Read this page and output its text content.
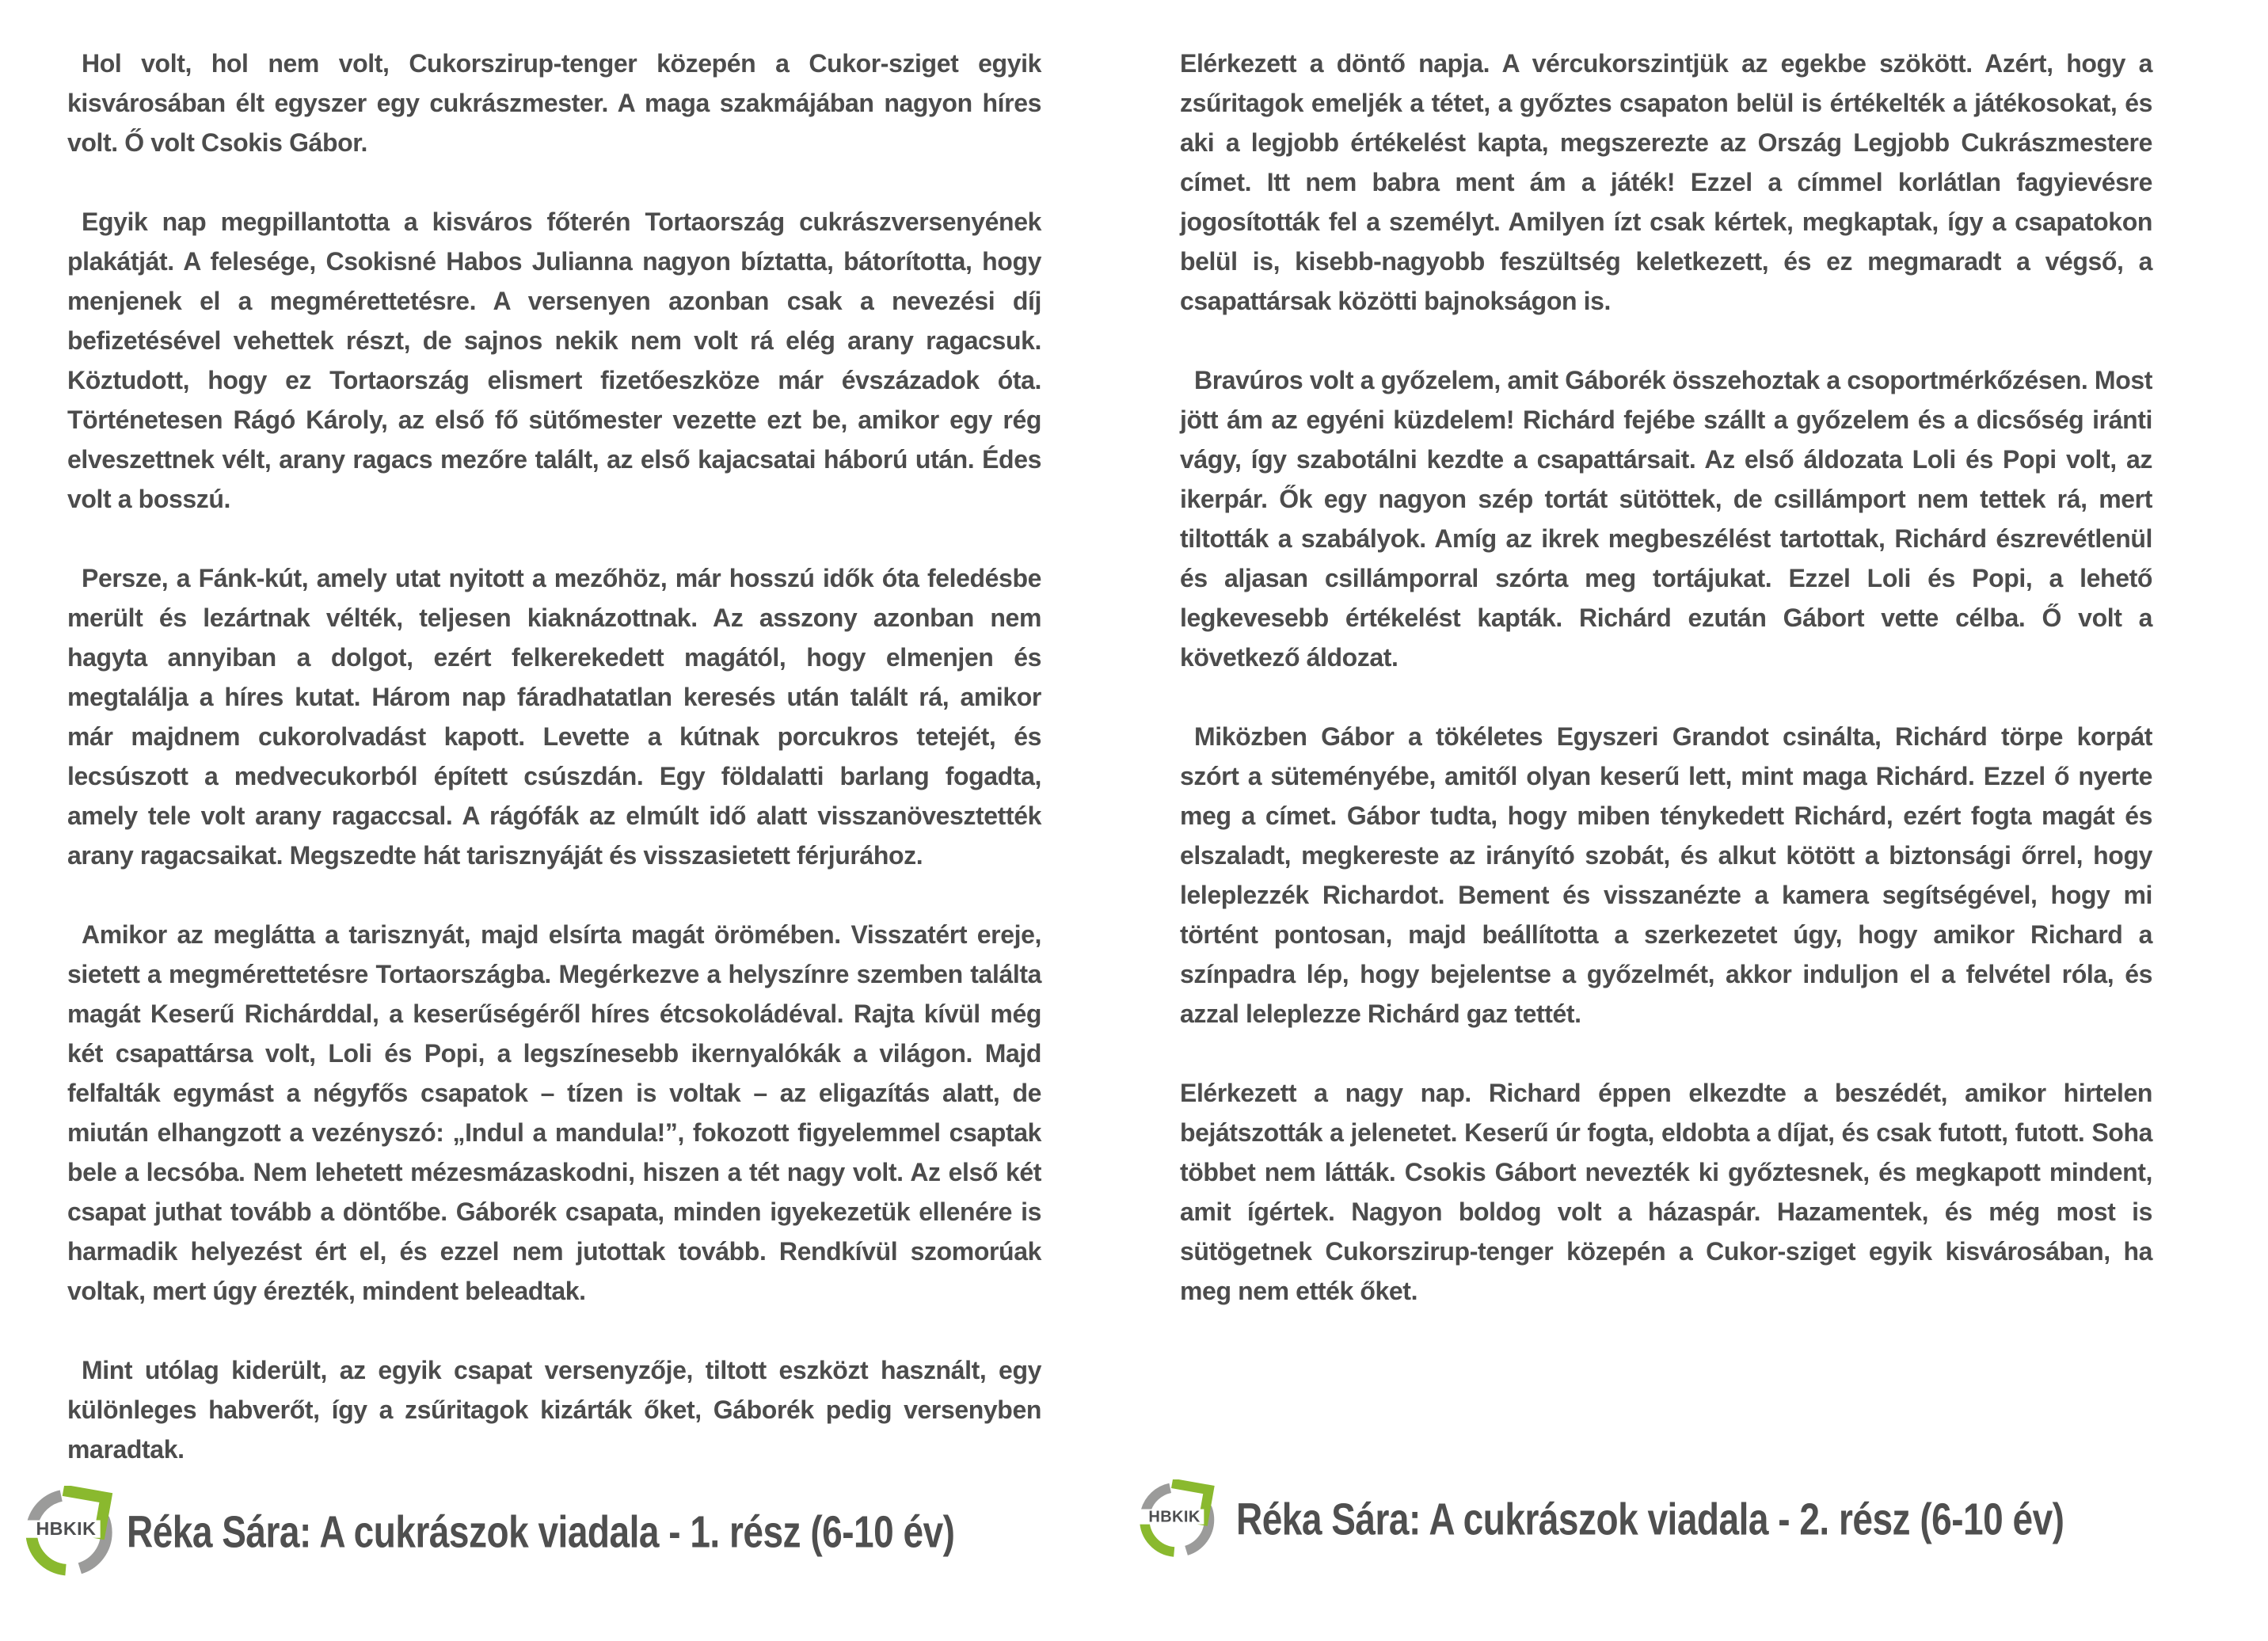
Hol volt, hol nem volt, Cukorszirup-tenger közepén a Cukor-sziget egyik kisvárosában élt egyszer egy cukrászmester. A maga szakmájában nagyon híres volt. Ő volt Csokis Gábor.

Egyik nap megpillantotta a kisváros főterén Tortaország cukrászversenyének plakátját. A felesége, Csokisné Habos Julianna nagyon bíztatta, bátorította, hogy menjenek el a megmérettetésre. A versenyen azonban csak a nevezési díj befizetésével vehettek részt, de sajnos nekik nem volt rá elég arany ragacsuk. Köztudott, hogy ez Tortaország elismert fizetőeszköze már évszázadok óta. Történetesen Rágó Károly, az első fő sütőmester vezette ezt be, amikor egy rég elveszettnek vélt, arany ragacs mezőre talált, az első kajacsatai háború után. Édes volt a bosszú.

Persze, a Fánk-kút, amely utat nyitott a mezőhöz, már hosszú idők óta feledésbe merült és lezártnak vélték, teljesen kiaknázottnak. Az asszony azonban nem hagyta annyiban a dolgot, ezért felkerekedett magától, hogy elmenjen és megtalálja a híres kutat. Három nap fáradhatatlan keresés után talált rá, amikor már majdnem cukorolvadást kapott. Levette a kútnak porcukros tetejét, és lecsúszott a medvecukorból épített csúszdán. Egy földalatti barlang fogadta, amely tele volt arany ragaccsal. A rágófák az elmúlt idő alatt visszanövesztették arany ragacsaikat. Megszedte hát tarisznyáját és visszasietett férjurához.

Amikor az meglátta a tarisznyát, majd elsírta magát örömében. Visszatért ereje, sietett a megmérettetésre Tortaországba. Megérkezve a helyszínre szemben találta magát Keserű Richárddal, a keserűségéről híres étcsokoládéval. Rajta kívül még két csapattársa volt, Loli és Popi, a legszínesebb ikernyalókák a világon. Majd felfalták egymást a négyfős csapatok – tízen is voltak – az eligazítás alatt, de miután elhangzott a vezényszó: „Indul a mandula!”, fokozott figyelemmel csaptak bele a lecsóba. Nem lehetett mézesmázaskodni, hiszen a tét nagy volt. Az első két csapat juthat tovább a döntőbe. Gáborék csapata, minden igyekezetük ellenére is harmadik helyezést ért el, és ezzel nem jutottak tovább. Rendkívül szomorúak voltak, mert úgy érezték, mindent beleadtak.

Mint utólag kiderült, az egyik csapat versenyzője, tiltott eszközt használt, egy különleges habverőt, így a zsűritagok kizárták őket, Gáborék pedig versenyben maradtak.

Elérkezett a döntő napja. A vércukorszintjük az egekbe szökött. Azért, hogy a zsűritagok emeljék a tétet, a győztes csapaton belül is értékelték a játékosokat, és aki a legjobb értékelést kapta, megszerezte az Ország Legjobb Cukrászmestere címet. Itt nem babra ment ám a játék! Ezzel a címmel korlátlan fagyievésre jogosították fel a személyt. Amilyen ízt csak kértek, megkaptak, így a csapatokon belül is, kisebb-nagyobb feszültség keletkezett, és ez megmaradt a végső, a csapattársak közötti bajnokságon is.

Bravúros volt a győzelem, amit Gáborék összehoztak a csoportmérkőzésen. Most jött ám az egyéni küzdelem! Richárd fejébe szállt a győzelem és a dicsőség iránti vágy, így szabotálni kezdte a csapattársait. Az első áldozata Loli és Popi volt, az ikerpár. Ők egy nagyon szép tortát sütöttek, de csillámport nem tettek rá, mert tiltották a szabályok. Amíg az ikrek megbeszélést tartottak, Richárd észrevétlenül és aljasan csillámporral szórta meg tortájukat. Ezzel Loli és Popi, a lehető legkevesebb értékelést kapták. Richárd ezután Gábort vette célba. Ő volt a következő áldozat.

Miközben Gábor a tökéletes Egyszeri Grandot csinálta, Richárd törpe korpát szórt a süteményébe, amitől olyan keserű lett, mint maga Richárd. Ezzel ő nyerte meg a címet. Gábor tudta, hogy miben ténykedett Richárd, ezért fogta magát és elszaladt, megkereste az irányító szobát, és alkut kötött a biztonsági őrrel, hogy leleplezzék Richardot. Bement és visszanézte a kamera segítségével, hogy mi történt pontosan, majd beállította a szerkezetet úgy, hogy amikor Richard a színpadra lép, hogy bejelentse a győzelmét, akkor induljon el a felvétel róla, és azzal leleplezze Richárd gaz tettét.

Elérkezett a nagy nap. Richard éppen elkezdte a beszédét, amikor hirtelen bejátszották a jelenetet. Keserű úr fogta, eldobta a díjat, és csak futott, futott. Soha többet nem látták. Csokis Gábort nevezték ki győztesnek, és megkapott mindent, amit ígértek. Nagyon boldog volt a házaspár. Hazamentek, és még most is sütögetnek Cukorszirup-tenger közepén a Cukor-sziget egyik kisvárosában, ha meg nem ették őket.

HBKIK Réka Sára: A cukrászok viadala - 1. rész (6-10 év)	HBKIK Réka Sára: A cukrászok viadala - 2. rész (6-10 év)
